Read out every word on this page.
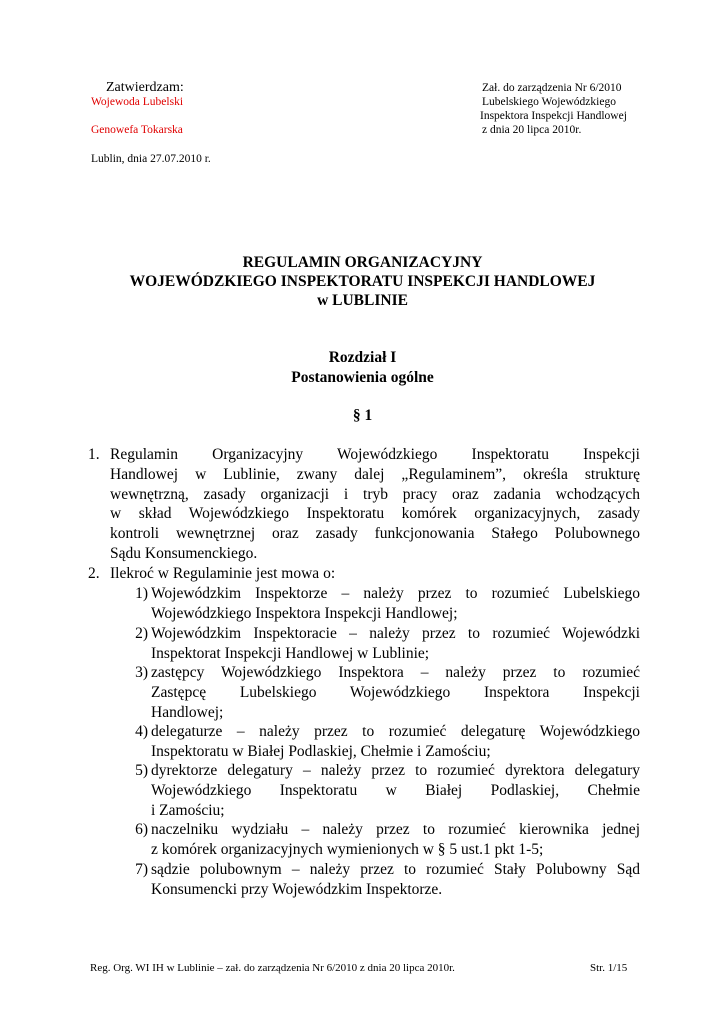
Zatwierdzam:
Wojewoda Lubelski
Genowefa Tokarska
Lublin, dnia 27.07.2010 r.
Zał. do zarządzenia Nr 6/2010
Lubelskiego Wojewódzkiego
Inspektora Inspekcji Handlowej
z dnia 20 lipca 2010r.
REGULAMIN ORGANIZACYJNY
WOJEWÓDZKIEGO INSPEKTORATU INSPEKCJI HANDLOWEJ
w LUBLINIE
Rozdział I
Postanowienia ogólne
§ 1
1. Regulamin Organizacyjny Wojewódzkiego Inspektoratu Inspekcji
Handlowej w Lublinie, zwany dalej „Regulaminem”, określa strukturę
wewnętrzną, zasady organizacji i tryb pracy oraz zadania wchodzących
w skład Wojewódzkiego Inspektoratu komórek organizacyjnych, zasady
kontroli wewnętrznej oraz zasady funkcjonowania Stałego Polubownego
Sądu Konsumenckiego.
2. Ilekroć w Regulaminie jest mowa o:
1) Wojewódzkim Inspektorze – należy przez to rozumieć Lubelskiego
Wojewódzkiego Inspektora Inspekcji Handlowej;
2) Wojewódzkim Inspektoracie – należy przez to rozumieć Wojewódzki
Inspektorat Inspekcji Handlowej w Lublinie;
3) zastępcy Wojewódzkiego Inspektora – należy przez to rozumieć
Zastępcę Lubelskiego Wojewódzkiego Inspektora Inspekcji
Handlowej;
4) delegaturze – należy przez to rozumieć delegaturę Wojewódzkiego
Inspektoratu w Białej Podlaskiej, Chełmie i Zamościu;
5) dyrektorze delegatury – należy przez to rozumieć dyrektora delegatury
Wojewódzkiego Inspektoratu w Białej Podlaskiej, Chełmie
i Zamościu;
6) naczelniku wydziału – należy przez to rozumieć kierownika jednej
z komórek organizacyjnych wymienionych w § 5 ust.1 pkt 1-5;
7) sądzie polubownym – należy przez to rozumieć Stały Polubowny Sąd
Konsumencki przy Wojewódzkim Inspektorze.
Reg. Org. WI IH w Lublinie – zał. do zarządzenia Nr 6/2010 z dnia 20 lipca 2010r.	Str. 1/15
